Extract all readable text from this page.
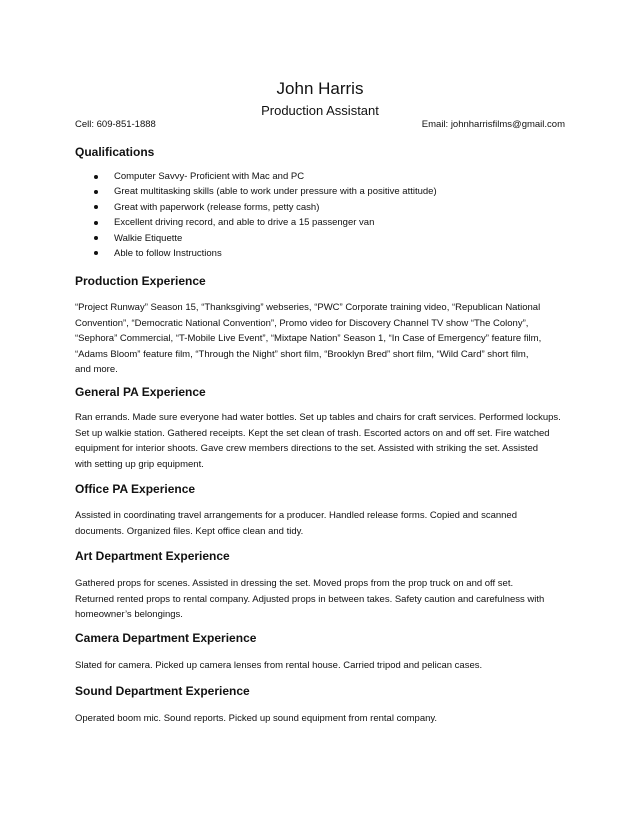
John Harris
Production Assistant
Cell: 609-851-1888	Email: johnharrisfilms@gmail.com
Qualifications
Computer Savvy- Proficient with Mac and PC
Great multitasking skills (able to work under pressure with a positive attitude)
Great with paperwork (release forms, petty cash)
Excellent driving record, and able to drive a 15 passenger van
Walkie Etiquette
Able to follow Instructions
Production Experience
“Project Runway” Season 15, “Thanksgiving” webseries, “PWC” Corporate training video, “Republican National
Convention”, “Democratic National Convention”, Promo video for Discovery Channel TV show “The Colony”,
“Sephora” Commercial, “T-Mobile Live Event”, “Mixtape Nation” Season 1, “In Case of Emergency” feature film,
“Adams Bloom” feature film, “Through the Night” short film, “Brooklyn Bred” short film, “Wild Card” short film,
and more.
General PA Experience
Ran errands. Made sure everyone had water bottles. Set up tables and chairs for craft services. Performed lockups.
Set up walkie station. Gathered receipts. Kept the set clean of trash. Escorted actors on and off set. Fire watched
equipment for interior shoots. Gave crew members directions to the set. Assisted with striking the set. Assisted
with setting up grip equipment.
Office PA Experience
Assisted in coordinating travel arrangements for a producer. Handled release forms. Copied and scanned
documents. Organized files. Kept office clean and tidy.
Art Department Experience
Gathered props for scenes. Assisted in dressing the set. Moved props from the prop truck on and off set.
Returned rented props to rental company. Adjusted props in between takes. Safety caution and carefulness with
homeowner’s belongings.
Camera Department Experience
Slated for camera. Picked up camera lenses from rental house. Carried tripod and pelican cases.
Sound Department Experience
Operated boom mic. Sound reports. Picked up sound equipment from rental company.
